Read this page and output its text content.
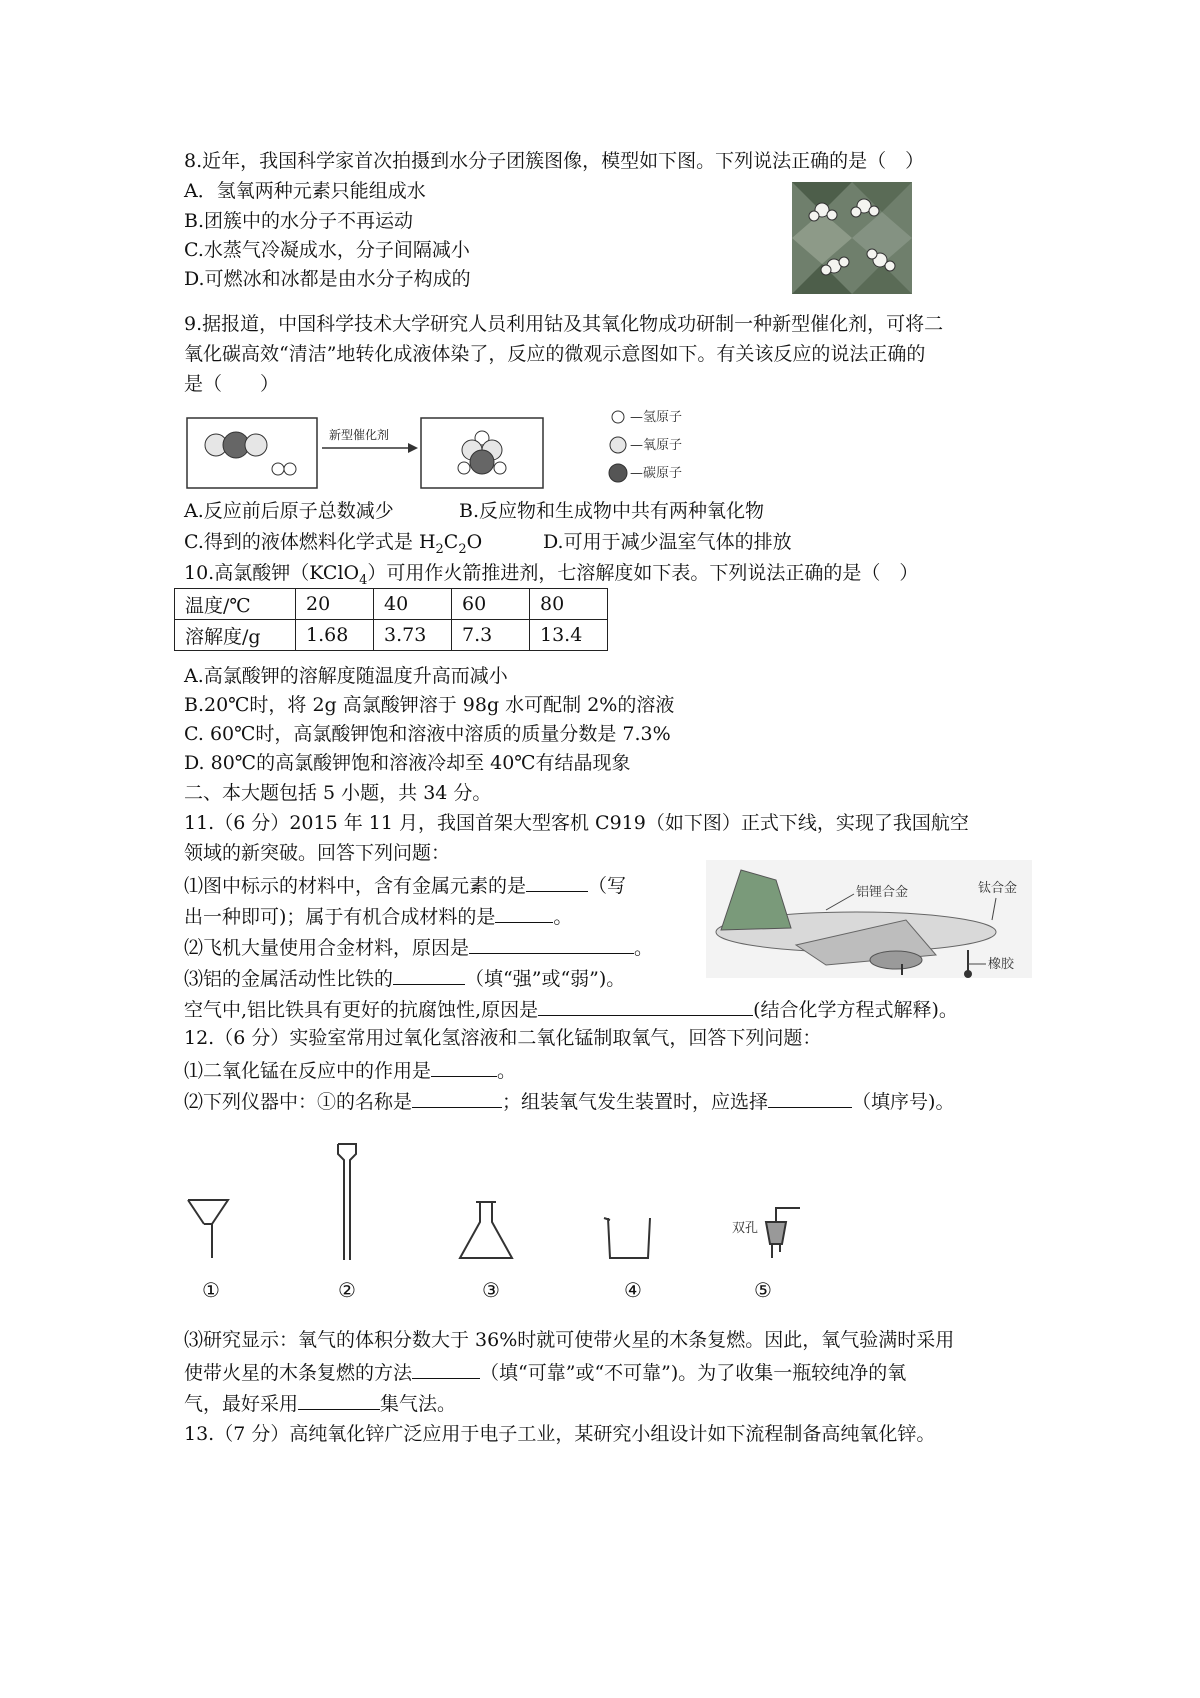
8.近年，我国科学家首次拍摄到水分子团簇图像，模型如下图。下列说法正确的是（　）
A．氢氧两种元素只能组成水
B.团簇中的水分子不再运动
C.水蒸气冷凝成水，分子间隔减小
D.可燃冰和冰都是由水分子构成的
9.据报道，中国科学技术大学研究人员利用钴及其氧化物成功研制一种新型催化剂，可将二
氧化碳高效“清洁”地转化成液体染了，反应的微观示意图如下。有关该反应的说法正确的
是（　　）
新型催化剂
—氢原子
—氧原子
—碳原子
A.反应前后原子总数减少	B.反应物和生成物中共有两种氧化物
C.得到的液体燃料化学式是 $H_2C_2O$	D.可用于减少温室气体的排放
10.高氯酸钾（KClO$_4$）可用作火箭推进剂，七溶解度如下表。下列说法正确的是（　）
温度/℃	20	40	60	80
溶解度/g	1.68	3.73	7.3	13.4
A.高氯酸钾的溶解度随温度升高而减小
B.20℃时，将 2g 高氯酸钾溶于 98g 水可配制 2%的溶液
C. 60℃时，高氯酸钾饱和溶液中溶质的质量分数是 7.3%
D. 80℃的高氯酸钾饱和溶液冷却至 40℃有结晶现象
二、本大题包括 5 小题，共 34 分。
11.（6 分）2015 年 11 月，我国首架大型客机 C919（如下图）正式下线，实现了我国航空
领域的新突破。回答下列问题：
⑴图中标示的材料中，含有金属元素的是	（写
出一种即可)；属于有机合成材料的是	。
⑵飞机大量使用合金材料，原因是	。
⑶铝的金属活动性比铁的	（填“强”或“弱”)。
空气中,铝比铁具有更好的抗腐蚀性,原因是	(结合化学方程式解释)。
铝锂合金	钛合金
橡胶
12.（6 分）实验室常用过氧化氢溶液和二氧化锰制取氧气，回答下列问题：
⑴二氧化锰在反应中的作用是	。
⑵下列仪器中：①的名称是	；组装氧气发生装置时，应选择	（填序号)。
双孔
①	②	③	④	⑤
⑶研究显示：氧气的体积分数大于 36%时就可使带火星的木条复燃。因此，氧气验满时采用
使带火星的木条复燃的方法	（填“可靠”或“不可靠”)。为了收集一瓶较纯净的氧
气，最好采用	集气法。
13.（7 分）高纯氧化锌广泛应用于电子工业，某研究小组设计如下流程制备高纯氧化锌。
